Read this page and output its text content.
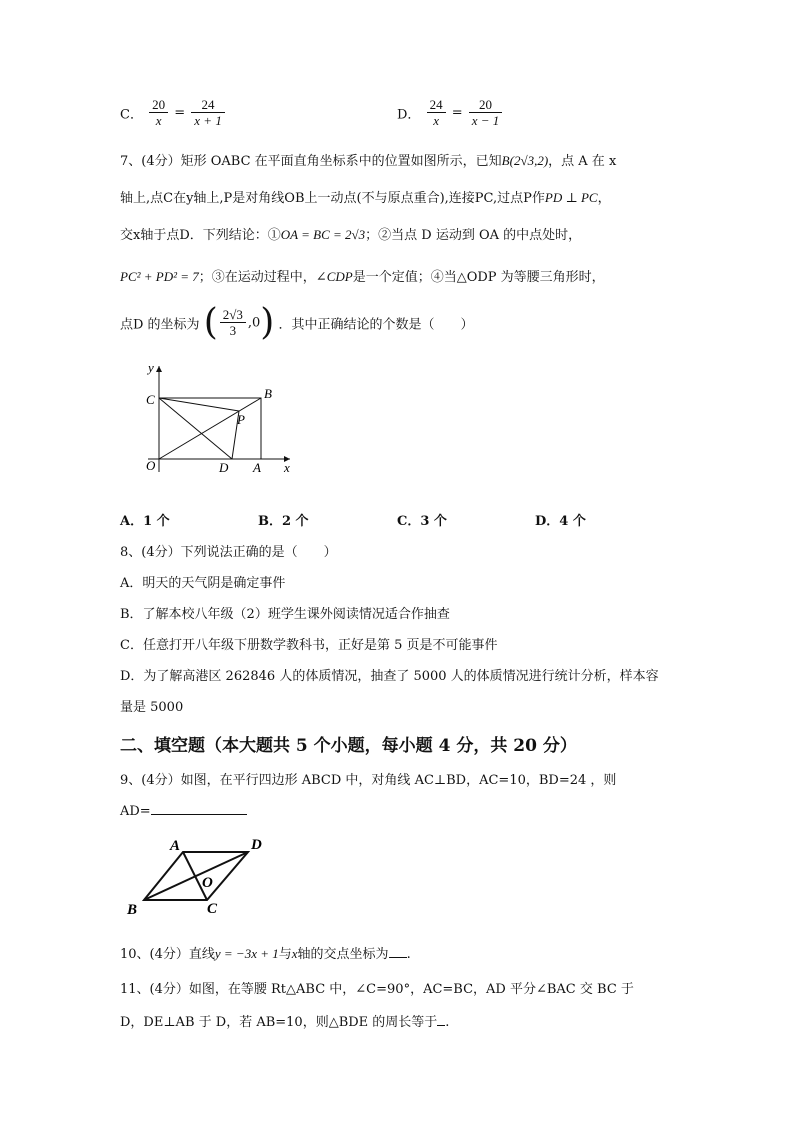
C． $\frac{20}{x} = \frac{24}{x + 1}$	D． $\frac{24}{x} = \frac{20}{x - 1}$
7、(4分）矩形 OABC 在平面直角坐标系中的位置如图所示，已知B(2√3,2)，点 A 在 x
轴上,点C在y轴上,P是对角线OB上一动点(不与原点重合),连接PC,过点P作PD ⊥ PC，
交x轴于点D．下列结论：①OA = BC = 2√3；②当点 D 运动到 OA 的中点处时，
PC² + PD² = 7；③在运动过程中，∠CDP是一个定值；④当△ODP 为等腰三角形时，
点D 的坐标为 ( $\frac{2√3}{3} ,0$) ．其中正确结论的个数是（　　）
y
C	B
P
O	D A x
A．1 个	B．2 个	C．3 个	D．4 个
8、(4分）下列说法正确的是（　　）
A．明天的天气阴是确定事件
B．了解本校八年级（2）班学生课外阅读情况适合作抽查
C．任意打开八年级下册数学教科书，正好是第 5 页是不可能事件
D．为了解高港区 262846 人的体质情况，抽查了 5000 人的体质情况进行统计分析，样本容
量是 5000
二、填空题（本大题共 5 个小题，每小题 4 分，共 20 分）
9、(4分）如图，在平行四边形 ABCD 中，对角线 AC⊥BD，AC=10，BD=24 ，则
AD=
A	D
O
B	C
10、(4分）直线y = −3x + 1与x轴的交点坐标为 .
11、(4分）如图，在等腰 Rt△ABC 中，∠C=90°，AC=BC，AD 平分∠BAC 交 BC 于
D，DE⊥AB 于 D，若 AB=10，则△BDE 的周长等于 .
